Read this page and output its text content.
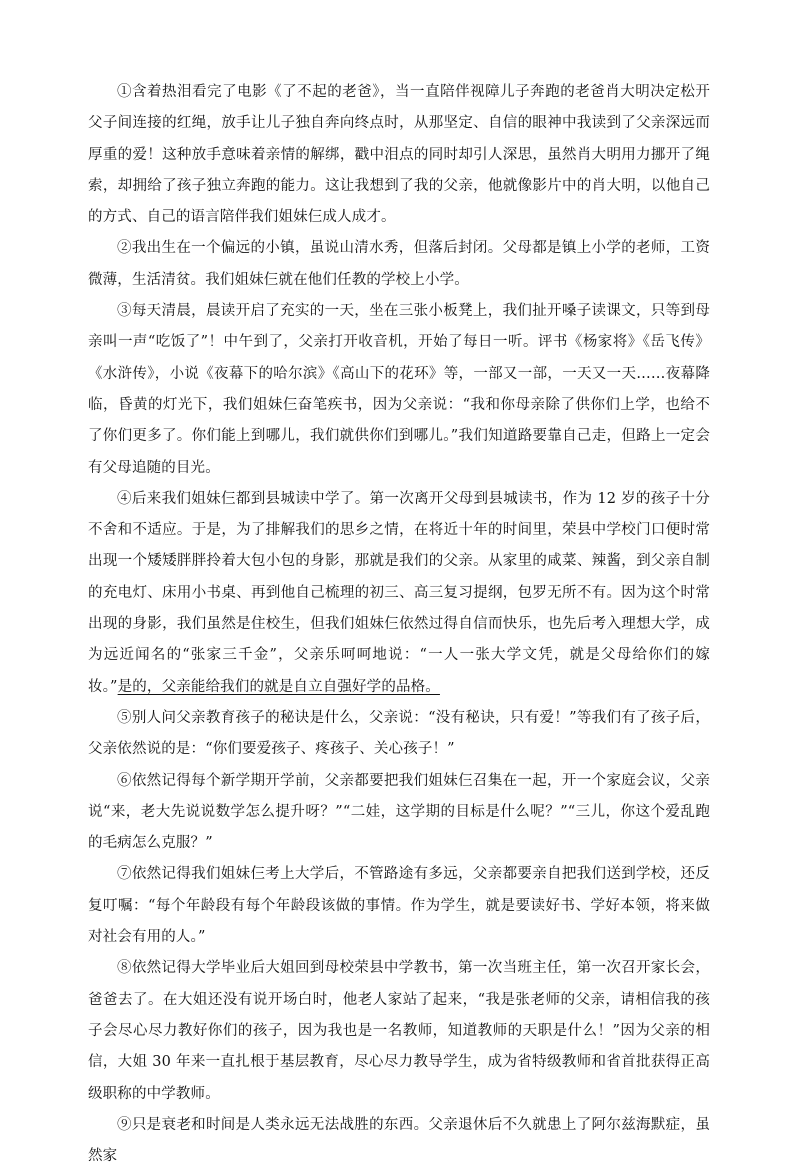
①含着热泪看完了电影《了不起的老爸》，当一直陪伴视障儿子奔跑的老爸肖大明决定松开父子间连接的红绳，放手让儿子独自奔向终点时，从那坚定、自信的眼神中我读到了父亲深远而厚重的爱！这种放手意味着亲情的解绑，戳中泪点的同时却引人深思，虽然肖大明用力挪开了绳索，却拥给了孩子独立奔跑的能力。这让我想到了我的父亲，他就像影片中的肖大明，以他自己的方式、自己的语言陪伴我们姐妹仨成人成才。

②我出生在一个偏远的小镇，虽说山清水秀，但落后封闭。父母都是镇上小学的老师，工资微薄，生活清贫。我们姐妹仨就在他们任教的学校上小学。

③每天清晨，晨读开启了充实的一天，坐在三张小板凳上，我们扯开嗓子读课文，只等到母亲叫一声“吃饭了”！中午到了，父亲打开收音机，开始了每日一听。评书《杨家将》《岳飞传》《水浒传》，小说《夜幕下的哈尔滨》《高山下的花环》等，一部又一部，一天又一天……夜幕降临，昏黄的灯光下，我们姐妹仨奋笔疾书，因为父亲说：“我和你母亲除了供你们上学，也给不了你们更多了。你们能上到哪儿，我们就供你们到哪儿。”我们知道路要靠自己走，但路上一定会有父母追随的目光。

④后来我们姐妹仨都到县城读中学了。第一次离开父母到县城读书，作为 12 岁的孩子十分不舍和不适应。于是，为了排解我们的思乡之情，在将近十年的时间里，荣县中学校门口便时常出现一个矮矮胖胖拎着大包小包的身影，那就是我们的父亲。从家里的咸菜、辣酱，到父亲自制的充电灯、床用小书桌、再到他自己梳理的初三、高三复习提纲，包罗无所不有。因为这个时常出现的身影，我们虽然是住校生，但我们姐妹仨依然过得自信而快乐，也先后考入理想大学，成为远近闻名的“张家三千金”，父亲乐呵呵地说：“一人一张大学文凭，就是父母给你们的嫁妆。”是的，父亲能给我们的就是自立自强好学的品格。

⑤别人问父亲教育孩子的秘诀是什么，父亲说：“没有秘诀，只有爱！”等我们有了孩子后，父亲依然说的是：“你们要爱孩子、疼孩子、关心孩子！”

⑥依然记得每个新学期开学前，父亲都要把我们姐妹仨召集在一起，开一个家庭会议，父亲说“来，老大先说说数学怎么提升呀？”“二娃，这学期的目标是什么呢？”“三儿，你这个爱乱跑的毛病怎么克服？”

⑦依然记得我们姐妹仨考上大学后，不管路途有多远，父亲都要亲自把我们送到学校，还反复叮嘱：“每个年龄段有每个年龄段该做的事情。作为学生，就是要读好书、学好本领，将来做对社会有用的人。”

⑧依然记得大学毕业后大姐回到母校荣县中学教书，第一次当班主任，第一次召开家长会，爸爸去了。在大姐还没有说开场白时，他老人家站了起来，“我是张老师的父亲，请相信我的孩子会尽心尽力教好你们的孩子，因为我也是一名教师，知道教师的天职是什么！”因为父亲的相信，大姐 30 年来一直扎根于基层教育，尽心尽力教导学生，成为省特级教师和省首批获得正高级职称的中学教师。

⑨只是衰老和时间是人类永远无法战胜的东西。父亲退休后不久就患上了阿尔兹海默症，虽然家
